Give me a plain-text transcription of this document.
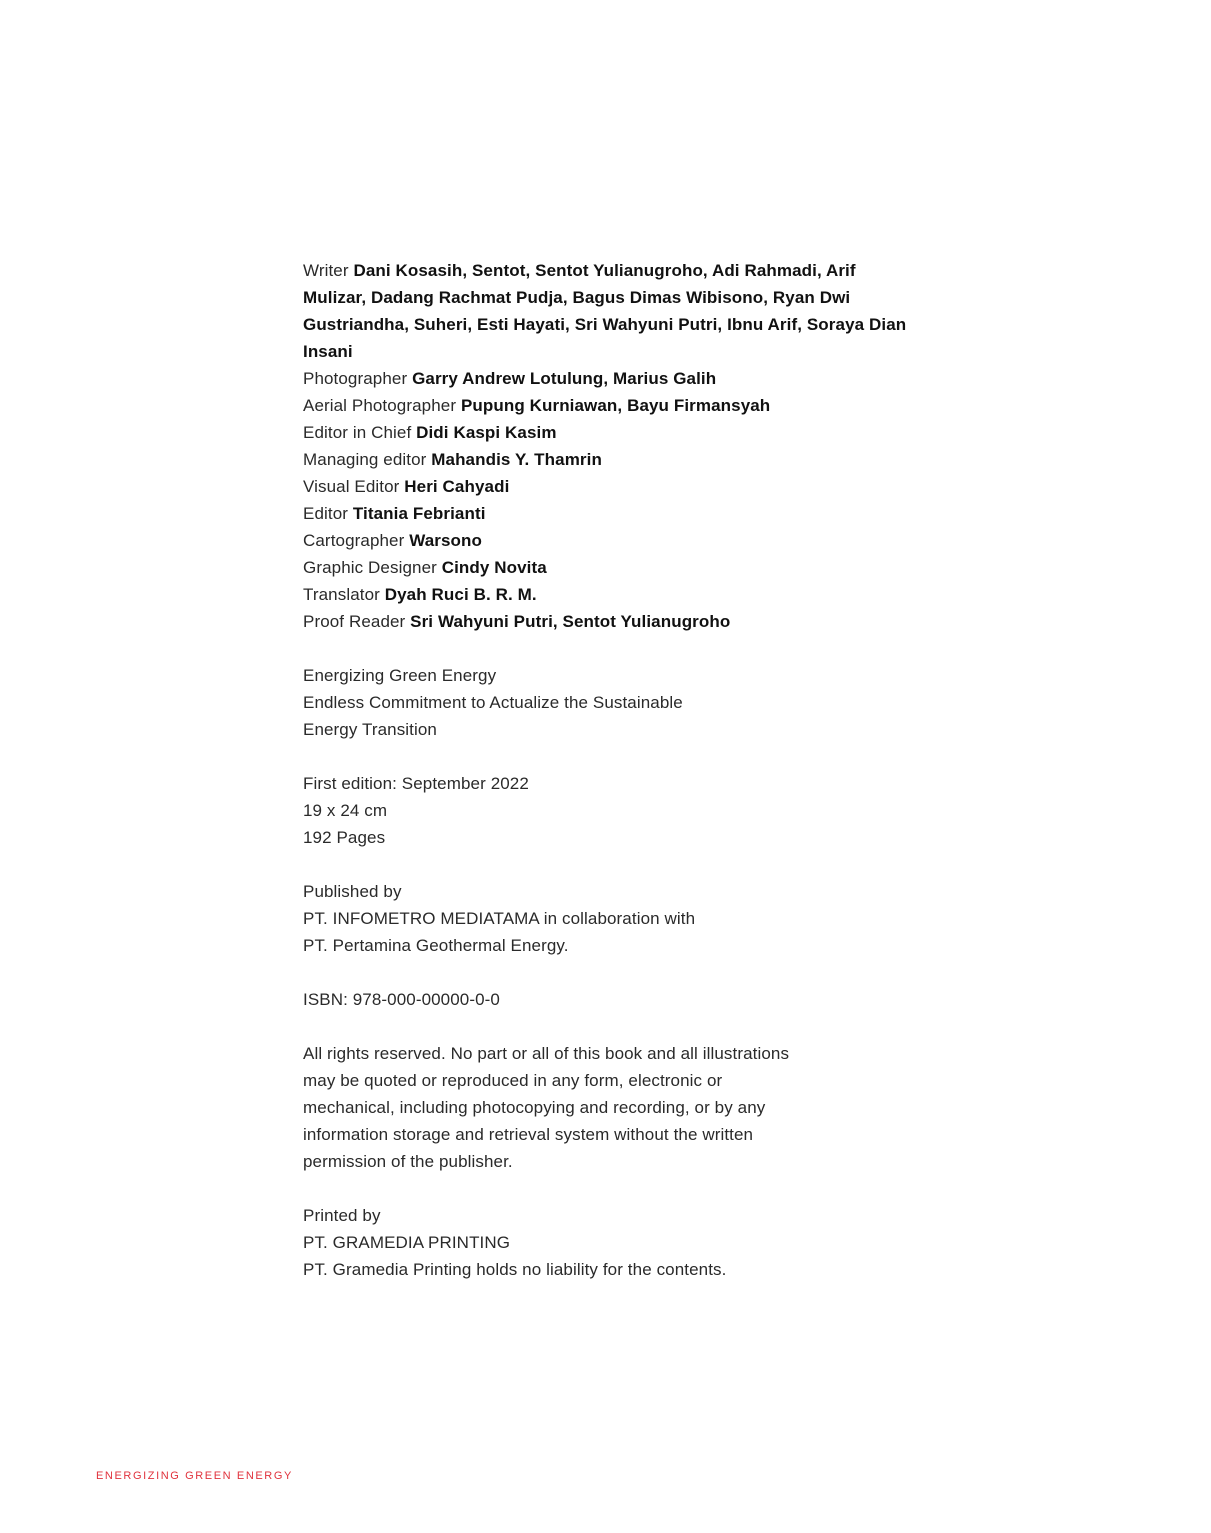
Writer Dani Kosasih, Sentot, Sentot Yulianugroho, Adi Rahmadi, Arif Mulizar, Dadang Rachmat Pudja, Bagus Dimas Wibisono, Ryan Dwi Gustriandha, Suheri, Esti Hayati, Sri Wahyuni Putri, Ibnu Arif, Soraya Dian Insani
Photographer Garry Andrew Lotulung, Marius Galih
Aerial Photographer Pupung Kurniawan, Bayu Firmansyah
Editor in Chief Didi Kaspi Kasim
Managing editor Mahandis Y. Thamrin
Visual Editor Heri Cahyadi
Editor Titania Febrianti
Cartographer Warsono
Graphic Designer Cindy Novita
Translator Dyah Ruci B. R. M.
Proof Reader Sri Wahyuni Putri, Sentot Yulianugroho
Energizing Green Energy
Endless Commitment to Actualize the Sustainable
Energy Transition
First edition: September 2022
19 x 24 cm
192 Pages
Published by
PT. INFOMETRO MEDIATAMA in collaboration with
PT. Pertamina Geothermal Energy.
ISBN: 978-000-00000-0-0
All rights reserved. No part or all of this book and all illustrations
may be quoted or reproduced in any form, electronic or
mechanical, including photocopying and recording, or by any
information storage and retrieval system without the written
permission of the publisher.
Printed by
PT. GRAMEDIA PRINTING
PT. Gramedia Printing holds no liability for the contents.
ENERGIZING GREEN ENERGY
